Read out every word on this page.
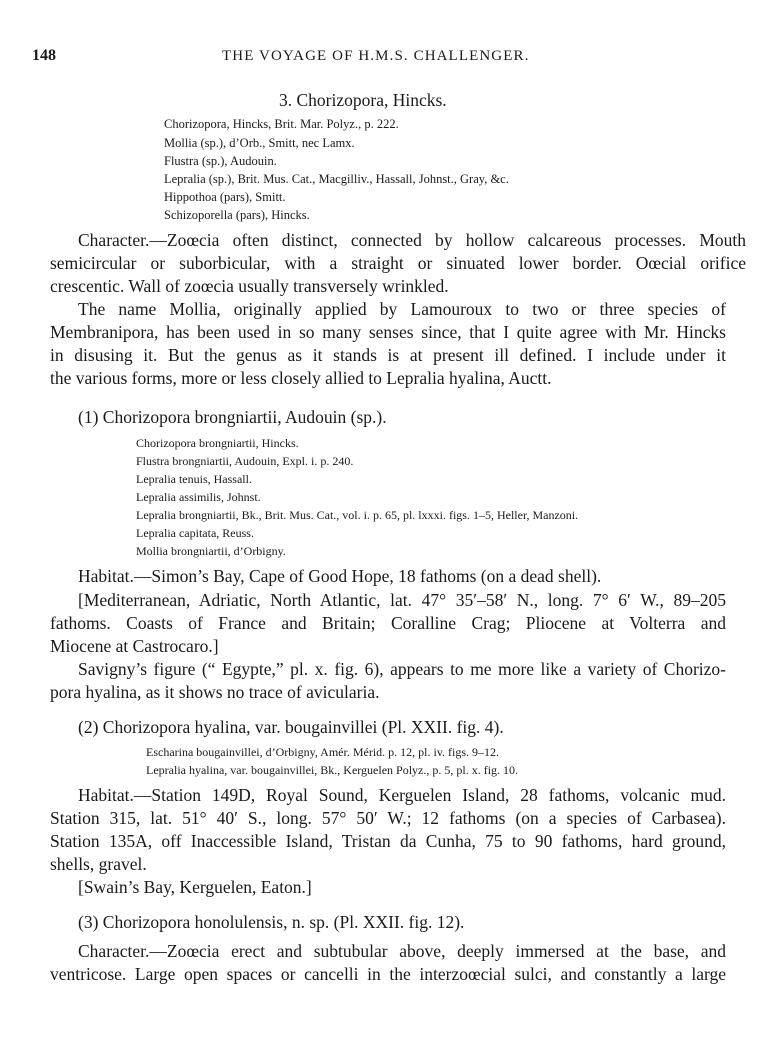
148	THE VOYAGE OF H.M.S. CHALLENGER.
3. Chorizopora, Hincks.
Chorizopora, Hincks, Brit. Mar. Polyz., p. 222.
Mollia (sp.), d’Orb., Smitt, nec Lamx.
Flustra (sp.), Audouin.
Lepralia (sp.), Brit. Mus. Cat., Macgilliv., Hassall, Johnst., Gray, &c.
Hippothoa (pars), Smitt.
Schizoporella (pars), Hincks.
Character.—Zoœcia often distinct, connected by hollow calcareous processes. Mouth
semicircular or suborbicular, with a straight or sinuated lower border. Oœcial orifice
crescentic. Wall of zoœcia usually transversely wrinkled.
The name Mollia, originally applied by Lamouroux to two or three species of
Membranipora, has been used in so many senses since, that I quite agree with Mr. Hincks
in disusing it. But the genus as it stands is at present ill defined. I include under it
the various forms, more or less closely allied to Lepralia hyalina, Auctt.
(1) Chorizopora brongniartii, Audouin (sp.).
Chorizopora brongniartii, Hincks.
Flustra brongniartii, Audouin, Expl. i. p. 240.
Lepralia tenuis, Hassall.
Lepralia assimilis, Johnst.
Lepralia brongniartii, Bk., Brit. Mus. Cat., vol. i. p. 65, pl. lxxxi. figs. 1–5, Heller, Manzoni.
Lepralia capitata, Reuss.
Mollia brongniartii, d’Orbigny.
Habitat.—Simon’s Bay, Cape of Good Hope, 18 fathoms (on a dead shell).
[Mediterranean, Adriatic, North Atlantic, lat. 47° 35′–58′ N., long. 7° 6′ W., 89–205
fathoms. Coasts of France and Britain; Coralline Crag; Pliocene at Volterra and
Miocene at Castrocaro.]
Savigny’s figure (“ Egypte,” pl. x. fig. 6), appears to me more like a variety of Chorizo-
pora hyalina, as it shows no trace of avicularia.
(2) Chorizopora hyalina, var. bougainvillei (Pl. XXII. fig. 4).
Escharina bougainvillei, d’Orbigny, Amér. Mérid. p. 12, pl. iv. figs. 9–12.
Lepralia hyalina, var. bougainvillei, Bk., Kerguelen Polyz., p. 5, pl. x. fig. 10.
Habitat.—Station 149D, Royal Sound, Kerguelen Island, 28 fathoms, volcanic mud.
Station 315, lat. 51° 40′ S., long. 57° 50′ W.; 12 fathoms (on a species of Carbasea).
Station 135A, off Inaccessible Island, Tristan da Cunha, 75 to 90 fathoms, hard ground,
shells, gravel.
[Swain’s Bay, Kerguelen, Eaton.]
(3) Chorizopora honolulensis, n. sp. (Pl. XXII. fig. 12).
Character.—Zoœcia erect and subtubular above, deeply immersed at the base, and
ventricose. Large open spaces or cancelli in the interzoœcial sulci, and constantly a large
